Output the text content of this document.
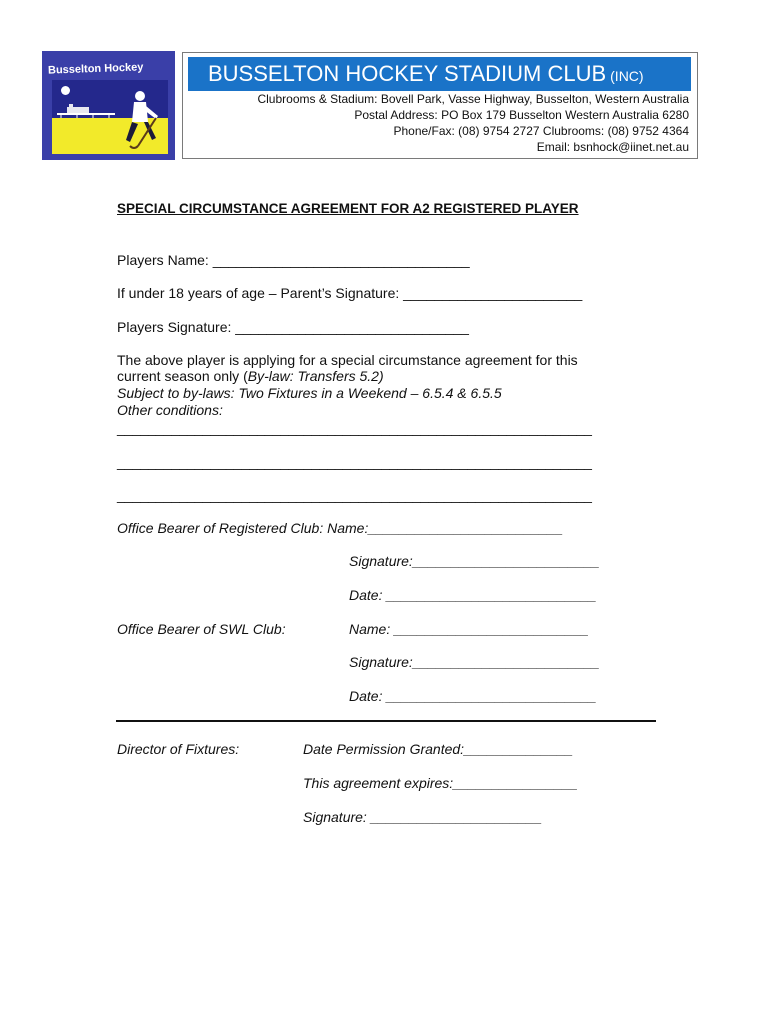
Busselton Hockey	BUSSELTON HOCKEY STADIUM CLUB (INC)
Clubrooms & Stadium: Bovell Park, Vasse Highway, Busselton, Western Australia
Postal Address: PO Box 179 Busselton Western Australia 6280
Phone/Fax: (08) 9754 2727 Clubrooms: (08) 9752 4364
Email: bsnhock@iinet.net.au
SPECIAL CIRCUMSTANCE AGREEMENT FOR A2 REGISTERED PLAYER
Players Name: _________________________________
If under 18 years of age – Parent’s Signature: _______________________
Players Signature: ______________________________
The above player is applying for a special circumstance agreement for this
current season only (By-law: Transfers 5.2)
Subject to by-laws: Two Fixtures in a Weekend – 6.5.4 & 6.5.5
Other conditions:
_____________________________________________________________
_____________________________________________________________
_____________________________________________________________
Office Bearer of Registered Club: Name:_________________________
Signature:________________________
Date: ___________________________
Office Bearer of SWL Club:	Name: _________________________
Signature:________________________
Date: ___________________________
Director of Fixtures:	Date Permission Granted:______________
This agreement expires:________________
Signature: ______________________
